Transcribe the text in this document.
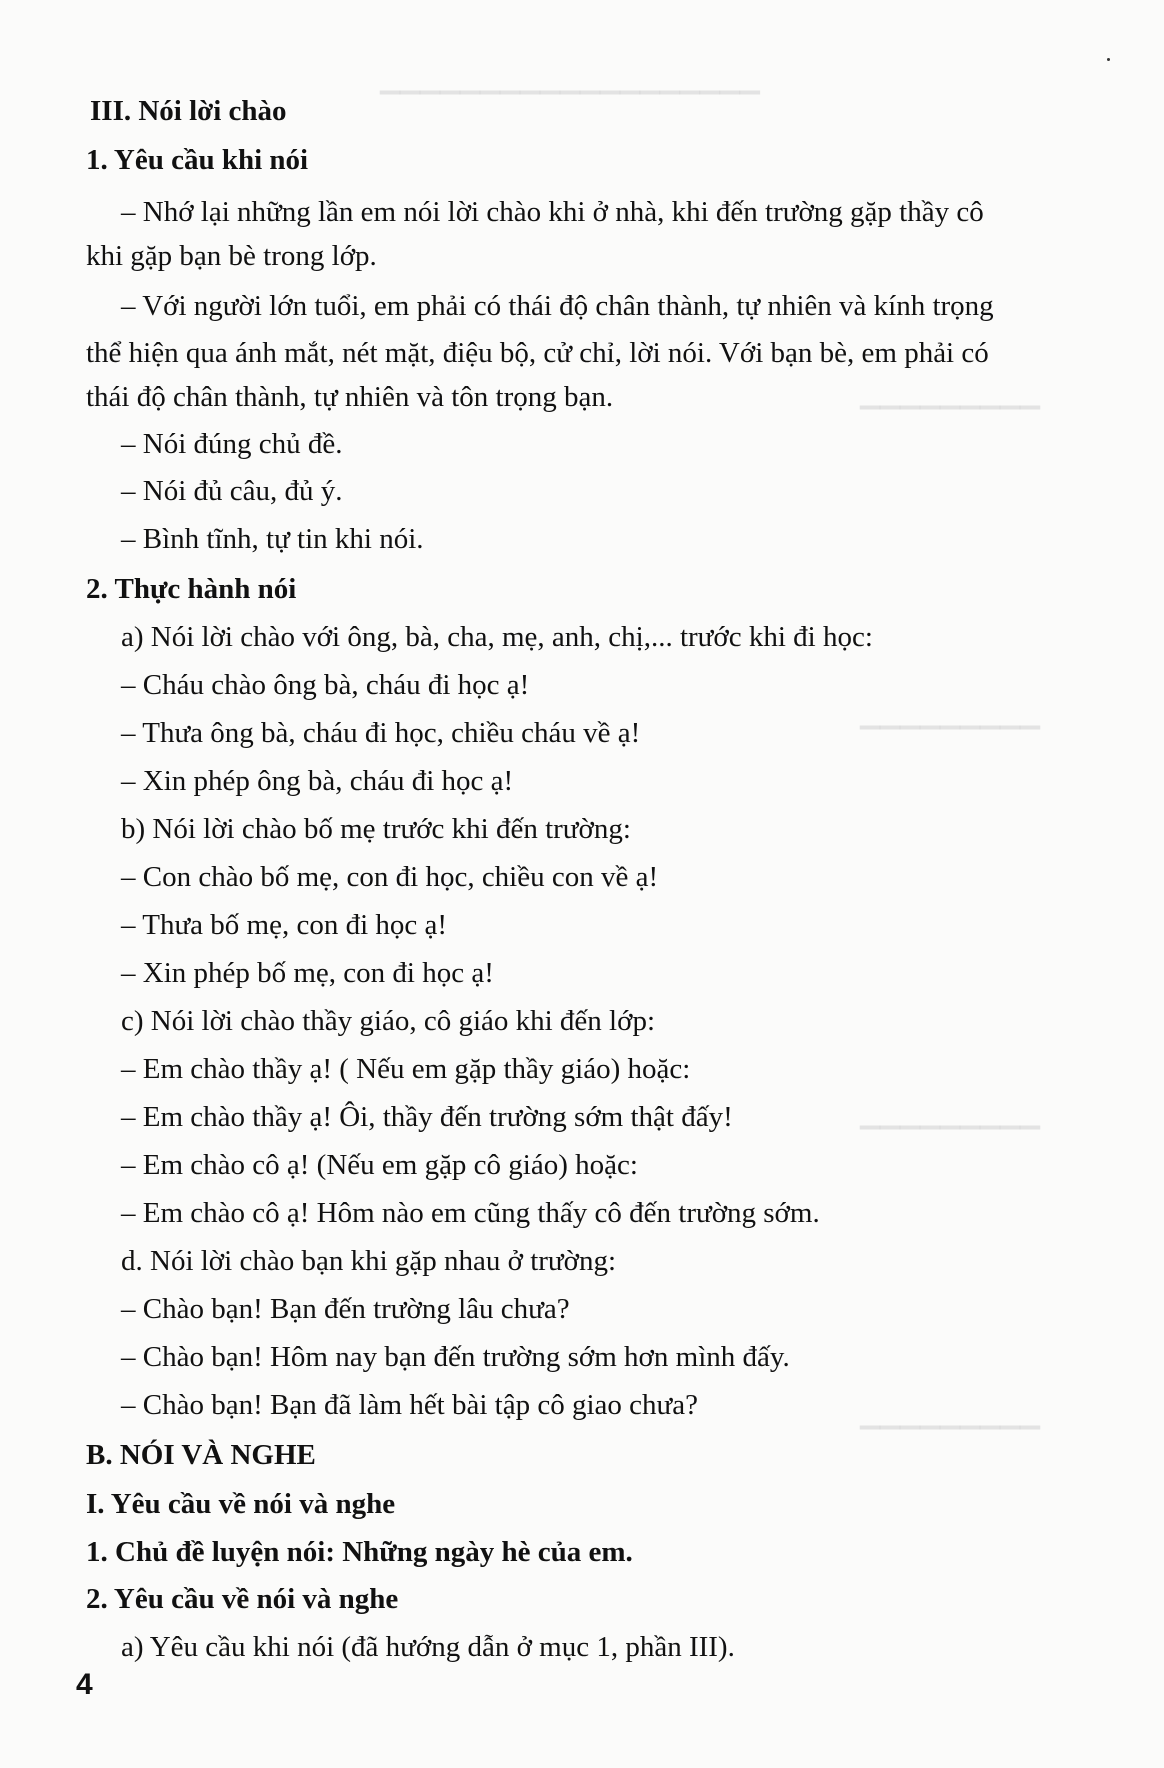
▔▔▔▔▔▔▔▔▔▔▔▔▔▔▔▔▔▔▔
▁▁▁▁▁▁▁▁▁
▁▁▁▁▁▁▁▁▁
▁▁▁▁▁▁▁▁▁
▁▁▁▁▁▁▁▁▁
III. Nói lời chào
1. Yêu cầu khi nói
– Nhớ lại những lần em nói lời chào khi ở nhà, khi đến trường gặp thầy cô
khi gặp bạn bè trong lớp.
– Với người lớn tuổi, em phải có thái độ chân thành, tự nhiên và kính trọng
thể hiện qua ánh mắt, nét mặt, điệu bộ, cử chỉ, lời nói. Với bạn bè, em phải có
thái độ chân thành, tự nhiên và tôn trọng bạn.
– Nói đúng chủ đề.
– Nói đủ câu, đủ ý.
– Bình tĩnh, tự tin khi nói.
2. Thực hành nói
a) Nói lời chào với ông, bà, cha, mẹ, anh, chị,... trước khi đi học:
– Cháu chào ông bà, cháu đi học ạ!
– Thưa ông bà, cháu đi học, chiều cháu về ạ!
– Xin phép ông bà, cháu đi học ạ!
b) Nói lời chào bố mẹ trước khi đến trường:
– Con chào bố mẹ, con đi học, chiều con về ạ!
– Thưa bố mẹ, con đi học ạ!
– Xin phép bố mẹ, con đi học ạ!
c) Nói lời chào thầy giáo, cô giáo khi đến lớp:
– Em chào thầy ạ! ( Nếu em gặp thầy giáo) hoặc:
– Em chào thầy ạ! Ôi, thầy đến trường sớm thật đấy!
– Em chào cô ạ! (Nếu em gặp cô giáo) hoặc:
– Em chào cô ạ! Hôm nào em cũng thấy cô đến trường sớm.
d. Nói lời chào bạn khi gặp nhau ở trường:
– Chào bạn! Bạn đến trường lâu chưa?
– Chào bạn! Hôm nay bạn đến trường sớm hơn mình đấy.
– Chào bạn! Bạn đã làm hết bài tập cô giao chưa?
B. NÓI VÀ NGHE
I. Yêu cầu về nói và nghe
1. Chủ đề luyện nói: Những ngày hè của em.
2. Yêu cầu về nói và nghe
a) Yêu cầu khi nói (đã hướng dẫn ở mục 1, phần III).
4
